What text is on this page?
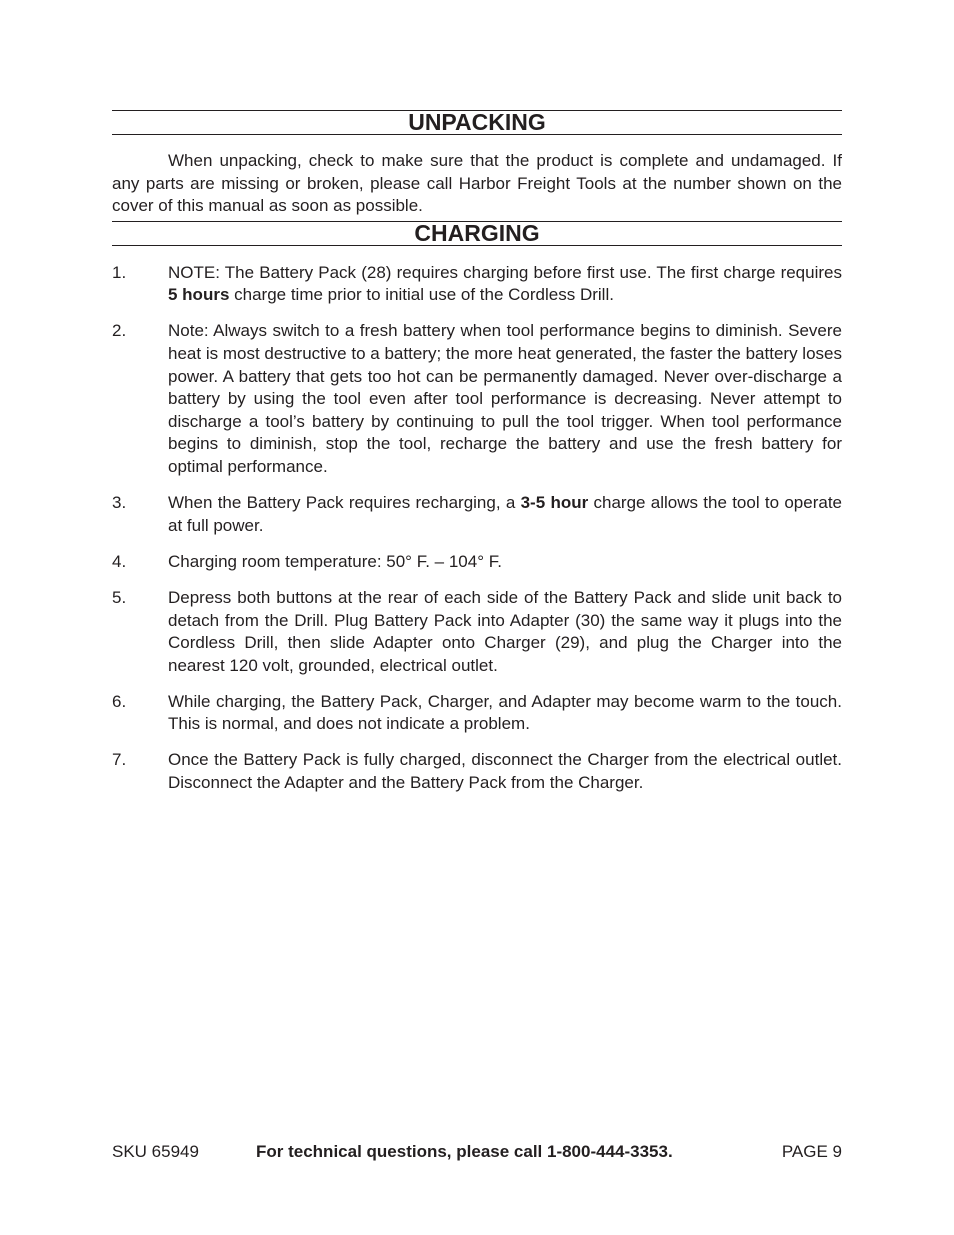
UNPACKING

When unpacking, check to make sure that the product is complete and undamaged. If any parts are missing or broken, please call Harbor Freight Tools at the number shown on the cover of this manual as soon as possible.

CHARGING
1.	NOTE: The Battery Pack (28) requires charging before first use. The first charge requires 5 hours charge time prior to initial use of the Cordless Drill.
2.	Note: Always switch to a fresh battery when tool performance begins to diminish. Severe heat is most destructive to a battery; the more heat generated, the faster the battery loses power. A battery that gets too hot can be permanently damaged. Never over-discharge a battery by using the tool even after tool performance is decreasing. Never attempt to discharge a tool’s battery by continuing to pull the tool trigger. When tool performance begins to diminish, stop the tool, recharge the battery and use the fresh battery for optimal performance.
3.	When the Battery Pack requires recharging, a 3-5 hour charge allows the tool to operate at full power.
4.	Charging room temperature: 50° F. – 104° F.
5.	Depress both buttons at the rear of each side of the Battery Pack and slide unit back to detach from the Drill. Plug Battery Pack into Adapter (30) the same way it plugs into the Cordless Drill, then slide Adapter onto Charger (29), and plug the Charger into the nearest 120 volt, grounded, electrical outlet.
6.	While charging, the Battery Pack, Charger, and Adapter may become warm to the touch. This is normal, and does not indicate a problem.
7.	Once the Battery Pack is fully charged, disconnect the Charger from the electrical outlet. Disconnect the Adapter and the Battery Pack from the Charger.
SKU 65949	For technical questions, please call 1-800-444-3353.	PAGE 9
